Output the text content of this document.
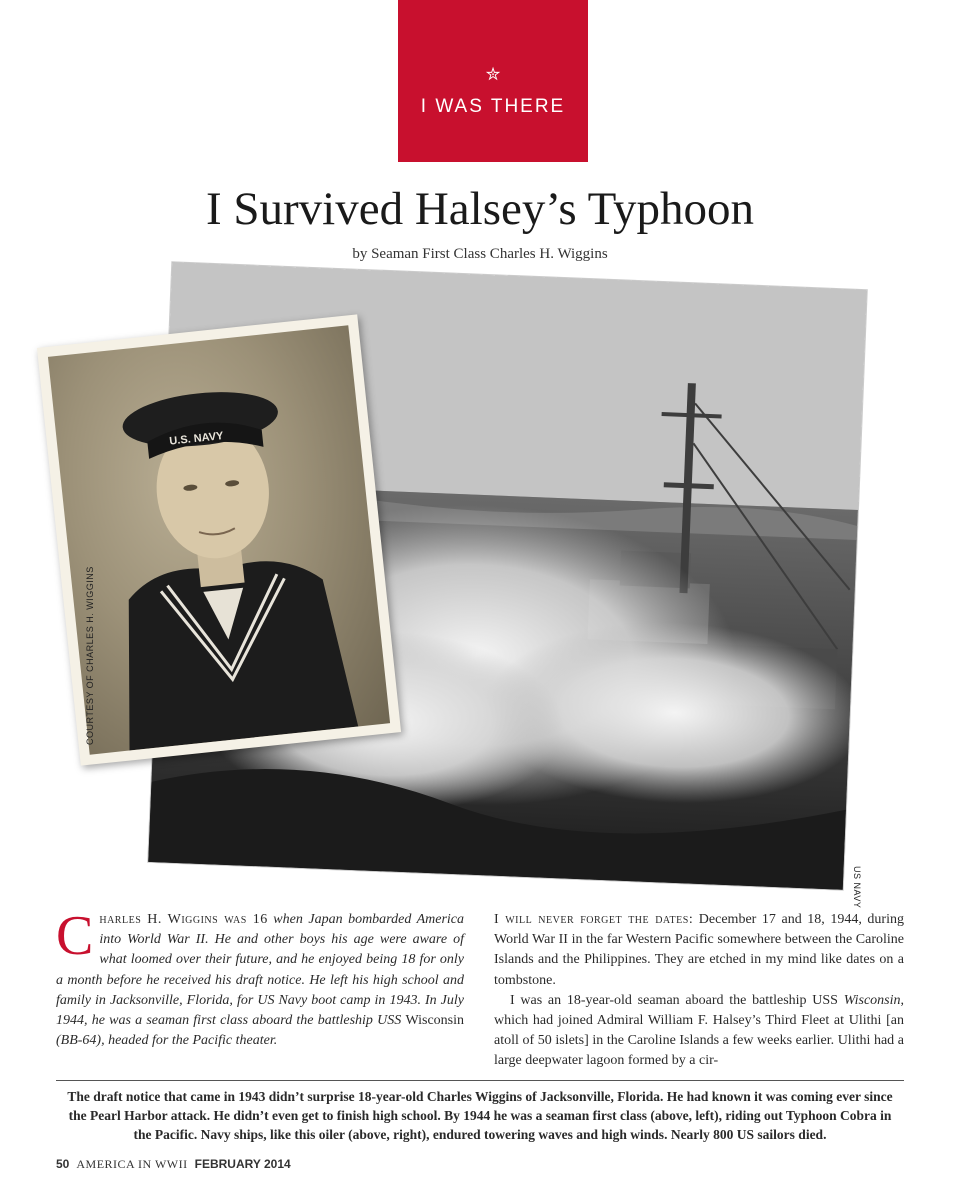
✮
I WAS THERE
I Survived Halsey’s Typhoon
by Seaman First Class Charles H. Wiggins
U.S. NAVY
COURTESY OF CHARLES H. WIGGINS
US NAVY

Charles H. Wiggins was 16 when Japan bombarded America into World War II. He and other boys his age were aware of what loomed over their future, and he enjoyed being 18 for only a month before he received his draft notice. He left his high school and family in Jacksonville, Florida, for US Navy boot camp in 1943. In July 1944, he was a seaman first class aboard the battleship USS Wisconsin (BB-64), headed for the Pacific theater.

I will never forget the dates: December 17 and 18, 1944, during World War II in the far Western Pacific somewhere between the Caroline Islands and the Philippines. They are etched in my mind like dates on a tombstone.

I was an 18-year-old seaman aboard the battleship USS Wisconsin, which had joined Admiral William F. Halsey’s Third Fleet at Ulithi [an atoll of 50 islets] in the Caroline Islands a few weeks earlier. Ulithi had a large deepwater lagoon formed by a cir-

The draft notice that came in 1943 didn’t surprise 18-year-old Charles Wiggins of Jacksonville, Florida. He had known it was coming ever since the Pearl Harbor attack. He didn’t even get to finish high school. By 1944 he was a seaman first class (above, left), riding out Typhoon Cobra in the Pacific. Navy ships, like this oiler (above, right), endured towering waves and high winds. Nearly 800 US sailors died.
50 AMERICA IN WWII FEBRUARY 2014
